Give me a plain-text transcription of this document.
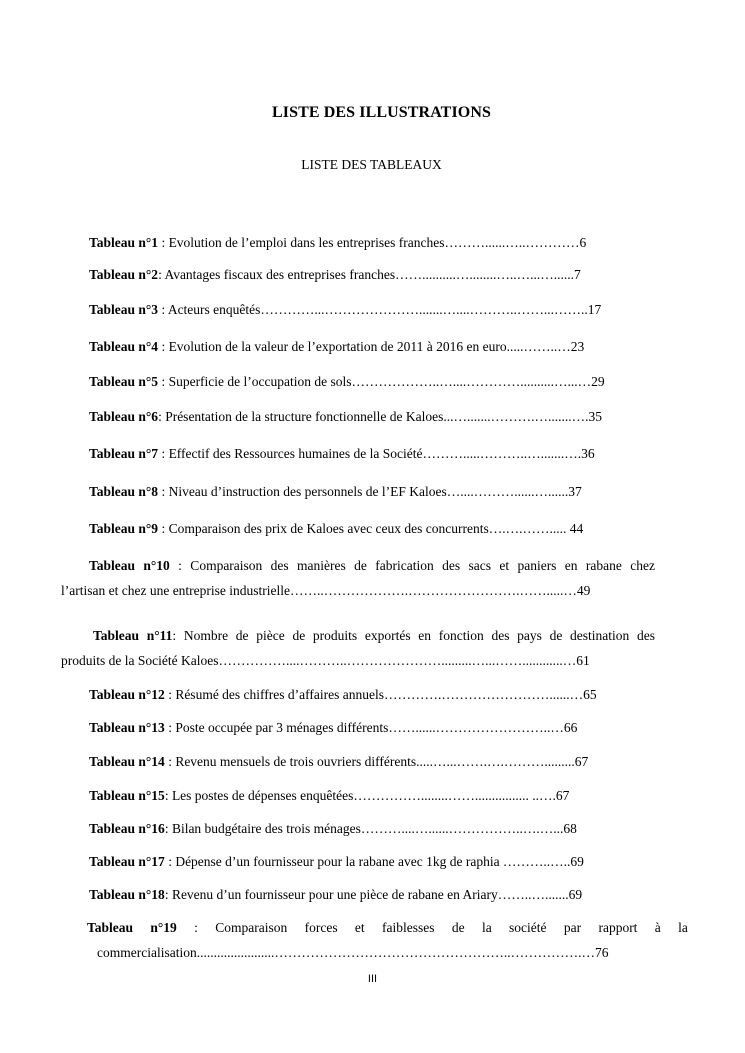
LISTE DES ILLUSTRATIONS
LISTE DES TABLEAUX
Tableau n°1 : Evolution de l’emploi dans les entreprises franches………......…..…………6
Tableau n°2: Avantages fiscaux des entreprises franches……..........…........…..…...…......7
Tableau n°3 : Acteurs enquêtés…………...………………….......…....………..……...……..17
Tableau n°4 : Evolution de la valeur de l’exportation de 2011 à 2016 en euro.....……..…23
Tableau n°5 : Superficie de l’occupation de sols………………..…....…………..........…...…29
Tableau n°6: Présentation de la structure fonctionnelle de Kaloes...….......……….….......….35
Tableau n°7 : Effectif des Ressources humaines de la Société……….....………..….......….36
Tableau n°8 : Niveau d’instruction des personnels de l’EF Kaloes…....………......…......37
Tableau n°9 : Comparaison des prix de Kaloes avec ceux des concurrents….….……..... 44
Tableau n°10 : Comparaison des manières de fabrication des sacs et paniers en rabane chez
l’artisan et chez une entreprise industrielle……..……………….…………………….…….....…49
Tableau n°11: Nombre de pièce de produits exportés en fonction des pays de destination des
produits de la Société Kaloes……………....………..………………….........…...……............…61
Tableau n°12 : Résumé des chiffres d’affaires annuels………….……………………......…65
Tableau n°13 : Poste occupée par 3 ménages différents……......……………………..…66
Tableau n°14 : Revenu mensuels de trois ouvriers différents.....…...…….….……….........67
Tableau n°15: Les postes de dépenses enquêtées……………........……................ ..….67
Tableau n°16: Bilan budgétaire des trois ménages………....…......……………..….…...68
Tableau n°17 : Dépense d’un fournisseur pour la rabane avec 1kg de raphia ………..…..69
Tableau n°18: Revenu d’un fournisseur pour une pièce de rabane en Ariary……..….......69
Tableau n°19 : Comparaison forces et faiblesses de la société par rapport à la
commercialisation.......................……………………………………………..…………….…76
III
